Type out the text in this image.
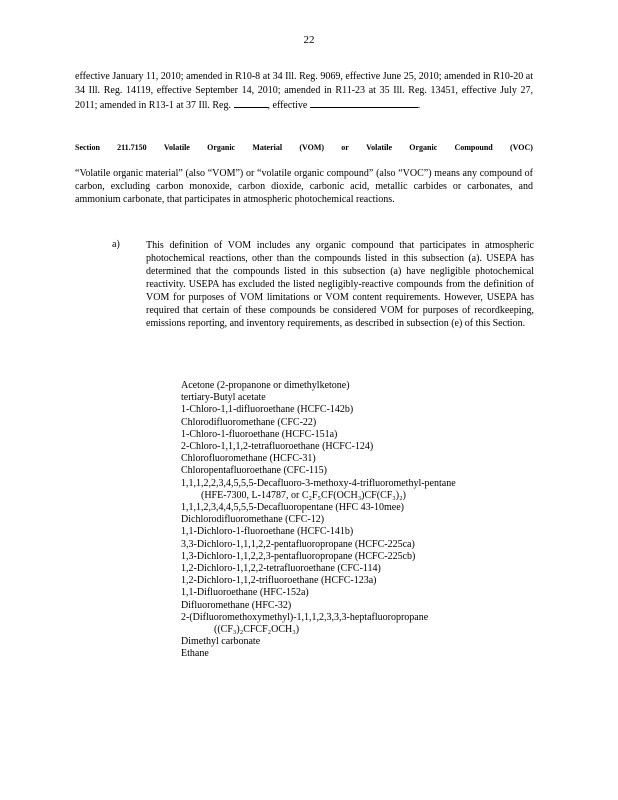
22
effective January 11, 2010; amended in R10-8 at 34 Ill. Reg. 9069, effective June 25, 2010; amended in R10-20 at 34 Ill. Reg. 14119, effective September 14, 2010; amended in R11-23 at 35 Ill. Reg. 13451, effective July 27, 2011; amended in R13-1 at 37 Ill. Reg.	, effective	.
Section 211.7150 Volatile Organic Material (VOM) or Volatile Organic Compound (VOC)
“Volatile organic material” (also “VOM”) or “volatile organic compound” (also “VOC”) means any compound of carbon, excluding carbon monoxide, carbon dioxide, carbonic acid, metallic carbides or carbonates, and ammonium carbonate, that participates in atmospheric photochemical reactions.
a)	This definition of VOM includes any organic compound that participates in atmospheric photochemical reactions, other than the compounds listed in this subsection (a). USEPA has determined that the compounds listed in this subsection (a) have negligible photochemical reactivity. USEPA has excluded the listed negligibly-reactive compounds from the definition of VOM for purposes of VOM limitations or VOM content requirements. However, USEPA has required that certain of these compounds be considered VOM for purposes of recordkeeping, emissions reporting, and inventory requirements, as described in subsection (e) of this Section.
Acetone (2-propanone or dimethylketone)
tertiary-Butyl acetate
1-Chloro-1,1-difluoroethane (HCFC-142b)
Chlorodifluoromethane (CFC-22)
1-Chloro-1-fluoroethane (HCFC-151a)
2-Chloro-1,1,1,2-tetrafluoroethane (HCFC-124)
Chlorofluoromethane (HCFC-31)
Chloropentafluoroethane (CFC-115)
1,1,1,2,2,3,4,5,5,5-Decafluoro-3-methoxy-4-trifluoromethyl-pentane
(HFE-7300, L-14787, or C₂F₅CF(OCH₃)CF(CF₃)₂)
1,1,1,2,3,4,4,5,5,5-Decafluoropentane (HFC 43-10mee)
Dichlorodifluoromethane (CFC-12)
1,1-Dichloro-1-fluoroethane (HCFC-141b)
3,3-Dichloro-1,1,1,2,2-pentafluoropropane (HCFC-225ca)
1,3-Dichloro-1,1,2,2,3-pentafluoropropane (HCFC-225cb)
1,2-Dichloro-1,1,2,2-tetrafluoroethane (CFC-114)
1,2-Dichloro-1,1,2-trifluoroethane (HCFC-123a)
1,1-Difluoroethane (HFC-152a)
Difluoromethane (HFC-32)
2-(Difluoromethoxymethyl)-1,1,1,2,3,3,3-heptafluoropropane
((CF₃)₂CFCF₂OCH₃)
Dimethyl carbonate
Ethane
